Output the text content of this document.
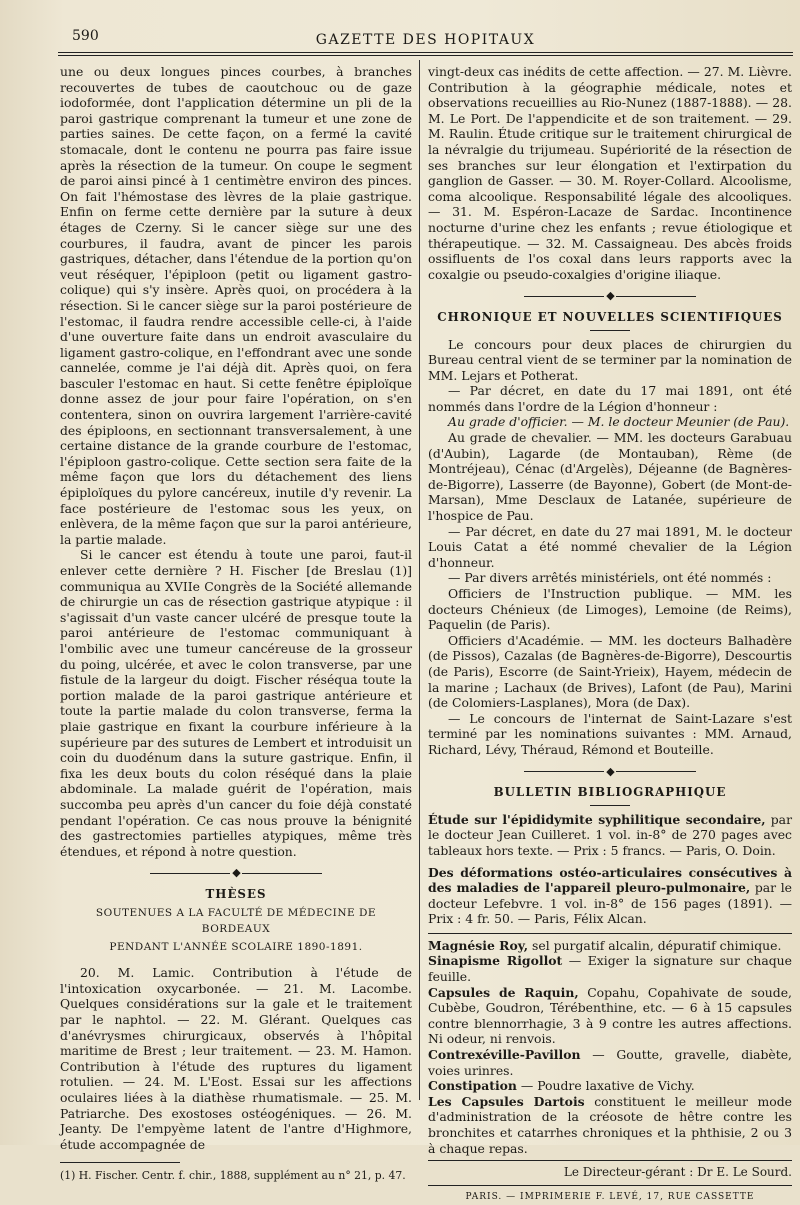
590	GAZETTE DES HOPITAUX

une ou deux longues pinces courbes, à branches recouvertes de tubes de caoutchouc ou de gaze iodoformée, dont l'application détermine un pli de la paroi gastrique comprenant la tumeur et une zone de parties saines. De cette façon, on a fermé la cavité stomacale, dont le contenu ne pourra pas faire issue après la résection de la tumeur. On coupe le segment de paroi ainsi pincé à 1 centimètre environ des pinces. On fait l'hémostase des lèvres de la plaie gastrique. Enfin on ferme cette dernière par la suture à deux étages de Czerny. Si le cancer siège sur une des courbures, il faudra, avant de pincer les parois gastriques, détacher, dans l'étendue de la portion qu'on veut réséquer, l'épiploon (petit ou ligament gastro-colique) qui s'y insère. Après quoi, on procédera à la résection. Si le cancer siège sur la paroi postérieure de l'estomac, il faudra rendre accessible celle-ci, à l'aide d'une ouverture faite dans un endroit avasculaire du ligament gastro-colique, en l'effondrant avec une sonde cannelée, comme je l'ai déjà dit. Après quoi, on fera basculer l'estomac en haut. Si cette fenêtre épiploïque donne assez de jour pour faire l'opération, on s'en contentera, sinon on ouvrira largement l'arrière-cavité des épiploons, en sectionnant transversalement, à une certaine distance de la grande courbure de l'estomac, l'épiploon gastro-colique. Cette section sera faite de la même façon que lors du détachement des liens épiploïques du pylore cancéreux, inutile d'y revenir. La face postérieure de l'estomac sous les yeux, on enlèvera, de la même façon que sur la paroi antérieure, la partie malade.

Si le cancer est étendu à toute une paroi, faut-il enlever cette dernière ? H. Fischer [de Breslau (1)] communiqua au XVIIe Congrès de la Société allemande de chirurgie un cas de résection gastrique atypique : il s'agissait d'un vaste cancer ulcéré de presque toute la paroi antérieure de l'estomac communiquant à l'ombilic avec une tumeur cancéreuse de la grosseur du poing, ulcérée, et avec le colon transverse, par une fistule de la largeur du doigt. Fischer réséqua toute la portion malade de la paroi gastrique antérieure et toute la partie malade du colon transverse, ferma la plaie gastrique en fixant la courbure inférieure à la supérieure par des sutures de Lembert et introduisit un coin du duodénum dans la suture gastrique. Enfin, il fixa les deux bouts du colon réséqué dans la plaie abdominale. La malade guérit de l'opération, mais succomba peu après d'un cancer du foie déjà constaté pendant l'opération. Ce cas nous prouve la bénignité des gastrectomies partielles atypiques, même très étendues, et répond à notre question.

◆
THÈSES
SOUTENUES A LA FACULTÉ DE MÉDECINE DE BORDEAUX
PENDANT L'ANNÉE SCOLAIRE 1890-1891.

20. M. Lamic. Contribution à l'étude de l'intoxication oxycarbonée. — 21. M. Lacombe. Quelques considérations sur la gale et le traitement par le naphtol. — 22. M. Glérant. Quelques cas d'anévrysmes chirurgicaux, observés à l'hôpital maritime de Brest ; leur traitement. — 23. M. Hamon. Contribution à l'étude des ruptures du ligament rotulien. — 24. M. L'Eost. Essai sur les affections oculaires liées à la diathèse rhumatismale. — 25. M. Patriarche. Des exostoses ostéogéniques. — 26. M. Jeanty. De l'empyème latent de l'antre d'Highmore, étude accompagnée de

(1) H. Fischer. Centr. f. chir., 1888, supplément au n° 21, p. 47.

vingt-deux cas inédits de cette affection. — 27. M. Lièvre. Contribution à la géographie médicale, notes et observations recueillies au Rio-Nunez (1887-1888). — 28. M. Le Port. De l'appendicite et de son traitement. — 29. M. Raulin. Étude critique sur le traitement chirurgical de la névralgie du trijumeau. Supériorité de la résection de ses branches sur leur élongation et l'extirpation du ganglion de Gasser. — 30. M. Royer-Collard. Alcoolisme, coma alcoolique. Responsabilité légale des alcooliques. — 31. M. Espéron-Lacaze de Sardac. Incontinence nocturne d'urine chez les enfants ; revue étiologique et thérapeutique. — 32. M. Cassaigneau. Des abcès froids ossifluents de l'os coxal dans leurs rapports avec la coxalgie ou pseudo-coxalgies d'origine iliaque.

◆
CHRONIQUE ET NOUVELLES SCIENTIFIQUES

Le concours pour deux places de chirurgien du Bureau central vient de se terminer par la nomination de MM. Lejars et Potherat.

— Par décret, en date du 17 mai 1891, ont été nommés dans l'ordre de la Légion d'honneur :

Au grade d'officier. — M. le docteur Meunier (de Pau).

Au grade de chevalier. — MM. les docteurs Garabuau (d'Aubin), Lagarde (de Montauban), Rème (de Montréjeau), Cénac (d'Argelès), Déjeanne (de Bagnères-de-Bigorre), Lasserre (de Bayonne), Gobert (de Mont-de-Marsan), Mme Desclaux de Latanée, supérieure de l'hospice de Pau.

— Par décret, en date du 27 mai 1891, M. le docteur Louis Catat a été nommé chevalier de la Légion d'honneur.

— Par divers arrêtés ministériels, ont été nommés :

Officiers de l'Instruction publique. — MM. les docteurs Chénieux (de Limoges), Lemoine (de Reims), Paquelin (de Paris).

Officiers d'Académie. — MM. les docteurs Balhadère (de Pissos), Cazalas (de Bagnères-de-Bigorre), Descourtis (de Paris), Escorre (de Saint-Yrieix), Hayem, médecin de la marine ; Lachaux (de Brives), Lafont (de Pau), Marini (de Colomiers-Lasplanes), Mora (de Dax).

— Le concours de l'internat de Saint-Lazare s'est terminé par les nominations suivantes : MM. Arnaud, Richard, Lévy, Théraud, Rémond et Bouteille.

◆
BULLETIN BIBLIOGRAPHIQUE

Étude sur l'épididymite syphilitique secondaire, par le docteur Jean Cuilleret. 1 vol. in-8° de 270 pages avec tableaux hors texte. — Prix : 5 francs. — Paris, O. Doin.

Des déformations ostéo-articulaires consécutives à des maladies de l'appareil pleuro-pulmonaire, par le docteur Lefebvre. 1 vol. in-8° de 156 pages (1891). — Prix : 4 fr. 50. — Paris, Félix Alcan.

Magnésie Roy, sel purgatif alcalin, dépuratif chimique.

Sinapisme Rigollot — Exiger la signature sur chaque feuille.

Capsules de Raquin, Copahu, Copahivate de soude, Cubèbe, Goudron, Térébenthine, etc. — 6 à 15 capsules contre blennorrhagie, 3 à 9 contre les autres affections. Ni odeur, ni renvois.

Contrexéville-Pavillon — Goutte, gravelle, diabète, voies urinres.

Constipation — Poudre laxative de Vichy.

Les Capsules Dartois constituent le meilleur mode d'administration de la créosote de hêtre contre les bronchites et catarrhes chroniques et la phthisie, 2 ou 3 à chaque repas.

Le Directeur-gérant : Dr E. Le Sourd.
PARIS. — IMPRIMERIE F. LEVÉ, 17, RUE CASSETTE
